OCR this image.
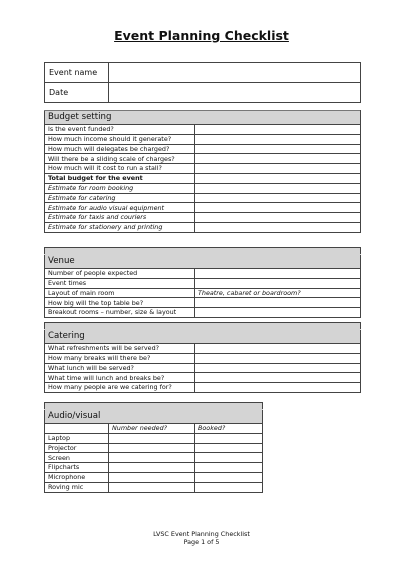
Event Planning Checklist
Event name	
Date	
Budget setting	
Is the event funded?	
How much income should it generate?	
How much will delegates be charged?	
Will there be a sliding scale of charges?	
How much will it cost to run a stall?	
Total budget for the event	
Estimate for room booking	
Estimate for catering	
Estimate for audio visual equipment	
Estimate for taxis and couriers	
Estimate for stationery and printing	

Venue	
Number of people expected	
Event times	
Layout of main room	Theatre, cabaret or boardroom?
How big will the top table be?	
Breakout rooms – number, size & layout	

Catering	
What refreshments will be served?	
How many breaks will there be?	
What lunch will be served?	
What time will lunch and breaks be?	
How many people are we catering for?	

Audio/visual		
	Number needed?	Booked?
Laptop		
Projector		
Screen		
Flipcharts		
Microphone		
Roving mic		
LVSC Event Planning Checklist
Page 1 of 5
